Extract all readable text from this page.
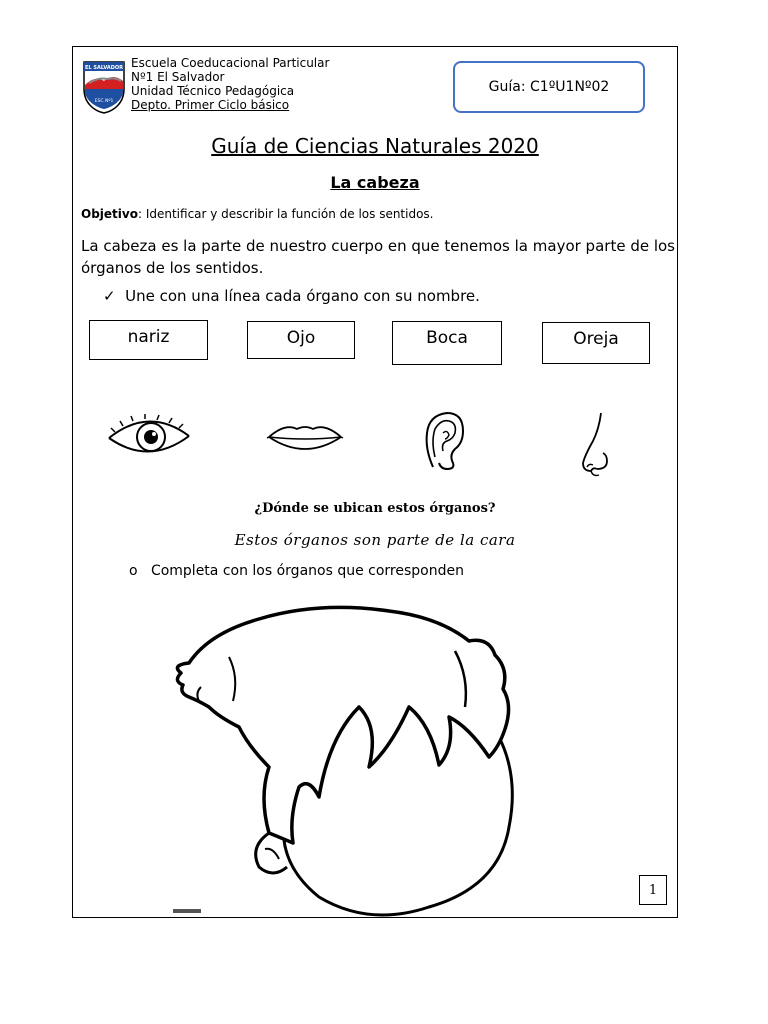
EL SALVADOR
ESC Nº1
Escuela Coeducacional Particular
Nº1 El Salvador
Unidad Técnico Pedagógica
Depto. Primer Ciclo básico
Guía: C1ºU1Nº02
Guía de Ciencias Naturales 2020
La cabeza
Objetivo: Identificar y describir la función de los sentidos.
La cabeza es la parte de nuestro cuerpo en que tenemos la mayor parte de los órganos de los sentidos.
✓ Une con una línea cada órgano con su nombre.
nariz	Ojo	Boca	Oreja
¿Dónde se ubican estos órganos?
Estos órganos son parte de la cara
o Completa con los órganos que corresponden
1
